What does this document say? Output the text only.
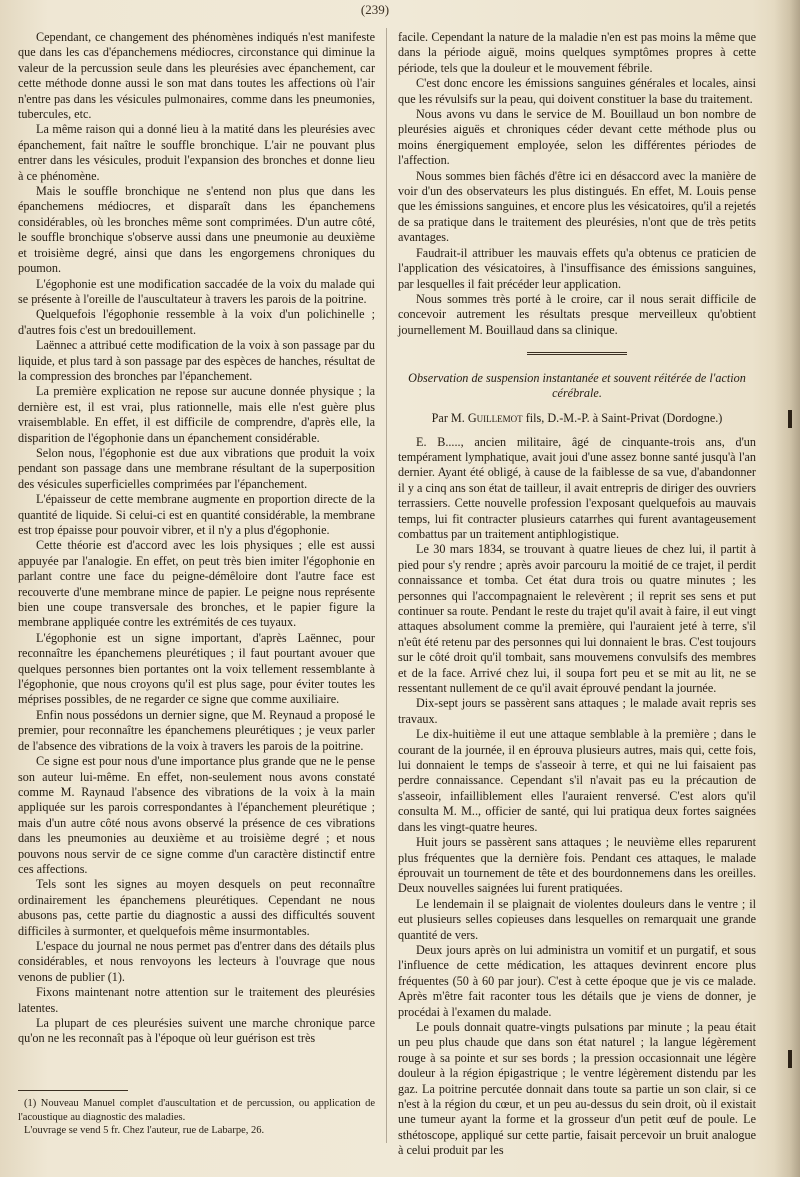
( 239 )

Cependant, ce changement des phénomènes indiqués n'est manifeste que dans les cas d'épanchemens médiocres, circonstance qui diminue la valeur de la percussion seule dans les pleurésies avec épanchement, car cette méthode donne aussi le son mat dans toutes les affections où l'air n'entre pas dans les vésicules pulmonaires, comme dans les pneumonies, tubercules, etc.

La même raison qui a donné lieu à la matité dans les pleurésies avec épanchement, fait naître le souffle bronchique. L'air ne pouvant plus entrer dans les vésicules, produit l'expansion des bronches et donne lieu à ce phénomène.

Mais le souffle bronchique ne s'entend non plus que dans les épanchemens médiocres, et disparaît dans les épanchemens considérables, où les bronches même sont comprimées. D'un autre côté, le souffle bronchique s'observe aussi dans une pneumonie au deuxième et troisième degré, ainsi que dans les engorgemens chroniques du poumon.

L'égophonie est une modification saccadée de la voix du malade qui se présente à l'oreille de l'auscultateur à travers les parois de la poitrine.

Quelquefois l'égophonie ressemble à la voix d'un polichinelle ; d'autres fois c'est un bredouillement.

Laënnec a attribué cette modification de la voix à son passage par du liquide, et plus tard à son passage par des espèces de hanches, résultat de la compression des bronches par l'épanchement.

La première explication ne repose sur aucune donnée physique ; la dernière est, il est vrai, plus rationnelle, mais elle n'est guère plus vraisemblable. En effet, il est difficile de comprendre, d'après elle, la disparition de l'égophonie dans un épanchement considérable.

Selon nous, l'égophonie est due aux vibrations que produit la voix pendant son passage dans une membrane résultant de la superposition des vésicules superficielles comprimées par l'épanchement.

L'épaisseur de cette membrane augmente en proportion directe de la quantité de liquide. Si celui-ci est en quantité considérable, la membrane est trop épaisse pour pouvoir vibrer, et il n'y a plus d'égophonie.

Cette théorie est d'accord avec les lois physiques ; elle est aussi appuyée par l'analogie. En effet, on peut très bien imiter l'égophonie en parlant contre une face du peigne-démêloire dont l'autre face est recouverte d'une membrane mince de papier. Le peigne nous représente bien une coupe transversale des bronches, et le papier figure la membrane appliquée contre les extrémités de ces tuyaux.

L'égophonie est un signe important, d'après Laënnec, pour reconnaître les épanchemens pleurétiques ; il faut pourtant avouer que quelques personnes bien portantes ont la voix tellement ressemblante à l'égophonie, que nous croyons qu'il est plus sage, pour éviter toutes les méprises possibles, de ne regarder ce signe que comme auxiliaire.

Enfin nous possédons un dernier signe, que M. Reynaud a proposé le premier, pour reconnaître les épanchemens pleurétiques ; je veux parler de l'absence des vibrations de la voix à travers les parois de la poitrine.

Ce signe est pour nous d'une importance plus grande que ne le pense son auteur lui-même. En effet, non-seulement nous avons constaté comme M. Raynaud l'absence des vibrations de la voix à la main appliquée sur les parois correspondantes à l'épanchement pleurétique ; mais d'un autre côté nous avons observé la présence de ces vibrations dans les pneumonies au deuxième et au troisième degré ; et nous pouvons nous servir de ce signe comme d'un caractère distinctif entre ces affections.

Tels sont les signes au moyen desquels on peut reconnaître ordinairement les épanchemens pleurétiques. Cependant ne nous abusons pas, cette partie du diagnostic a aussi des difficultés souvent difficiles à surmonter, et quelquefois même insurmontables.

L'espace du journal ne nous permet pas d'entrer dans des détails plus considérables, et nous renvoyons les lecteurs à l'ouvrage que nous venons de publier (1).

Fixons maintenant notre attention sur le traitement des pleurésies latentes.

La plupart de ces pleurésies suivent une marche chronique parce qu'on ne les reconnaît pas à l'époque où leur guérison est très

facile. Cependant la nature de la maladie n'en est pas moins la même que dans la période aiguë, moins quelques symptômes propres à cette période, tels que la douleur et le mouvement fébrile.

C'est donc encore les émissions sanguines générales et locales, ainsi que les révulsifs sur la peau, qui doivent constituer la base du traitement.

Nous avons vu dans le service de M. Bouillaud un bon nombre de pleurésies aiguës et chroniques céder devant cette méthode plus ou moins énergiquement employée, selon les différentes périodes de l'affection.

Nous sommes bien fâchés d'être ici en désaccord avec la manière de voir d'un des observateurs les plus distingués. En effet, M. Louis pense que les émissions sanguines, et encore plus les vésicatoires, qu'il a rejetés de sa pratique dans le traitement des pleurésies, n'ont que de très petits avantages.

Faudrait-il attribuer les mauvais effets qu'a obtenus ce praticien de l'application des vésicatoires, à l'insuffisance des émissions sanguines, par lesquelles il fait précéder leur application.

Nous sommes très porté à le croire, car il nous serait difficile de concevoir autrement les résultats presque merveilleux qu'obtient journellement M. Bouillaud dans sa clinique.

Observation de suspension instantanée et souvent réitérée de l'action cérébrale.

Par M. Guillemot fils, D.-M.-P. à Saint-Privat (Dordogne.)

E. B....., ancien militaire, âgé de cinquante-trois ans, d'un tempérament lymphatique, avait joui d'une assez bonne santé jusqu'à l'an dernier. Ayant été obligé, à cause de la faiblesse de sa vue, d'abandonner il y a cinq ans son état de tailleur, il avait entrepris de diriger des ouvriers terrassiers. Cette nouvelle profession l'exposant quelquefois au mauvais temps, lui fit contracter plusieurs catarrhes qui furent avantageusement combattus par un traitement antiphlogistique.

Le 30 mars 1834, se trouvant à quatre lieues de chez lui, il partit à pied pour s'y rendre ; après avoir parcouru la moitié de ce trajet, il perdit connaissance et tomba. Cet état dura trois ou quatre minutes ; les personnes qui l'accompagnaient le relevèrent ; il reprit ses sens et put continuer sa route. Pendant le reste du trajet qu'il avait à faire, il eut vingt attaques absolument comme la première, qui l'auraient jeté à terre, s'il n'eût été retenu par des personnes qui lui donnaient le bras. C'est toujours sur le côté droit qu'il tombait, sans mouvemens convulsifs des membres et de la face. Arrivé chez lui, il soupa fort peu et se mit au lit, ne se ressentant nullement de ce qu'il avait éprouvé pendant la journée.

Dix-sept jours se passèrent sans attaques ; le malade avait repris ses travaux.

Le dix-huitième il eut une attaque semblable à la première ; dans le courant de la journée, il en éprouva plusieurs autres, mais qui, cette fois, lui donnaient le temps de s'asseoir à terre, et qui ne lui faisaient pas perdre connaissance. Cependant s'il n'avait pas eu la précaution de s'asseoir, infailliblement elles l'auraient renversé. C'est alors qu'il consulta M. M.., officier de santé, qui lui pratiqua deux fortes saignées dans les vingt-quatre heures.

Huit jours se passèrent sans attaques ; le neuvième elles reparurent plus fréquentes que la dernière fois. Pendant ces attaques, le malade éprouvait un tournement de tête et des bourdonnemens dans les oreilles. Deux nouvelles saignées lui furent pratiquées.

Le lendemain il se plaignait de violentes douleurs dans le ventre ; il eut plusieurs selles copieuses dans lesquelles on remarquait une grande quantité de vers.

Deux jours après on lui administra un vomitif et un purgatif, et sous l'influence de cette médication, les attaques devinrent encore plus fréquentes (50 à 60 par jour). C'est à cette époque que je vis ce malade. Après m'être fait raconter tous les détails que je viens de donner, je procédai à l'examen du malade.

Le pouls donnait quatre-vingts pulsations par minute ; la peau était un peu plus chaude que dans son état naturel ; la langue légèrement rouge à sa pointe et sur ses bords ; la pression occasionnait une légère douleur à la région épigastrique ; le ventre légèrement distendu par les gaz. La poitrine percutée donnait dans toute sa partie un son clair, si ce n'est à la région du cœur, et un peu au-dessus du sein droit, où il existait une tumeur ayant la forme et la grosseur d'un petit œuf de poule. Le sthétoscope, appliqué sur cette partie, faisait percevoir un bruit analogue à celui produit par les

(1) Nouveau Manuel complet d'auscultation et de percussion, ou application de l'acoustique au diagnostic des maladies.

L'ouvrage se vend 5 fr. Chez l'auteur, rue de Labarpe, 26.
